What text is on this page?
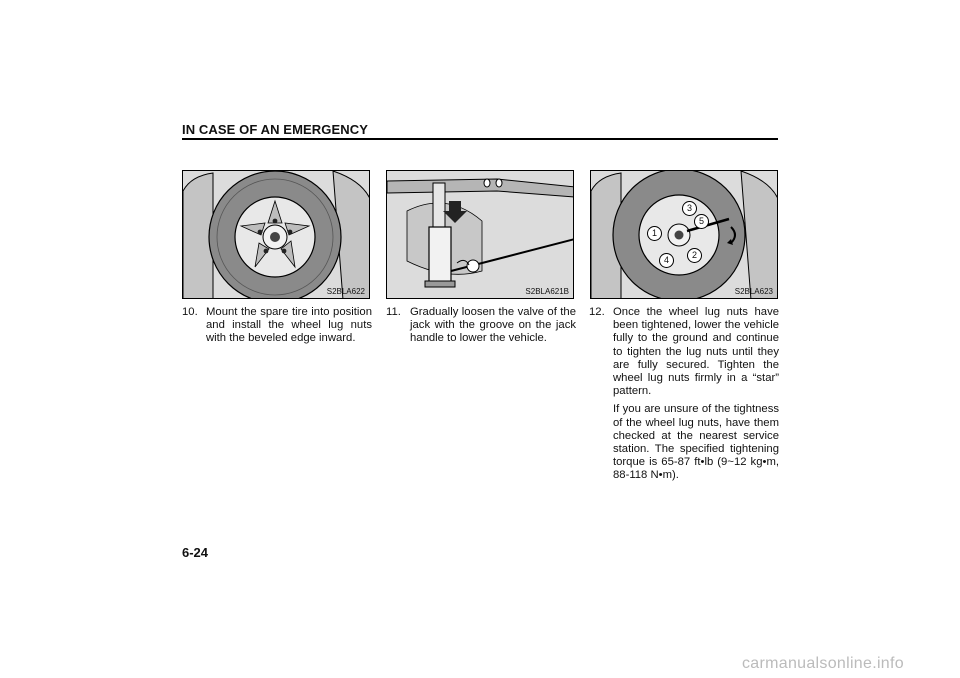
IN CASE OF AN EMERGENCY
S2BLA622	S2BLA621B
3
5
1
4	2
S2BLA623
10. Mount the spare tire into position and install the wheel lug nuts with the beveled edge inward.
11. Gradually loosen the valve of the jack with the groove on the jack handle to lower the vehicle.
12. Once the wheel lug nuts have been tightened, lower the vehicle fully to the ground and continue to tighten the lug nuts until they are fully secured. Tighten the wheel lug nuts firmly in a “star” pattern.
If you are unsure of the tightness of the wheel lug nuts, have them checked at the nearest service station. The specified tightening torque is 65-87 ft•lb (9~12 kg•m, 88-118 N•m).
6-24
carmanualsonline.info
